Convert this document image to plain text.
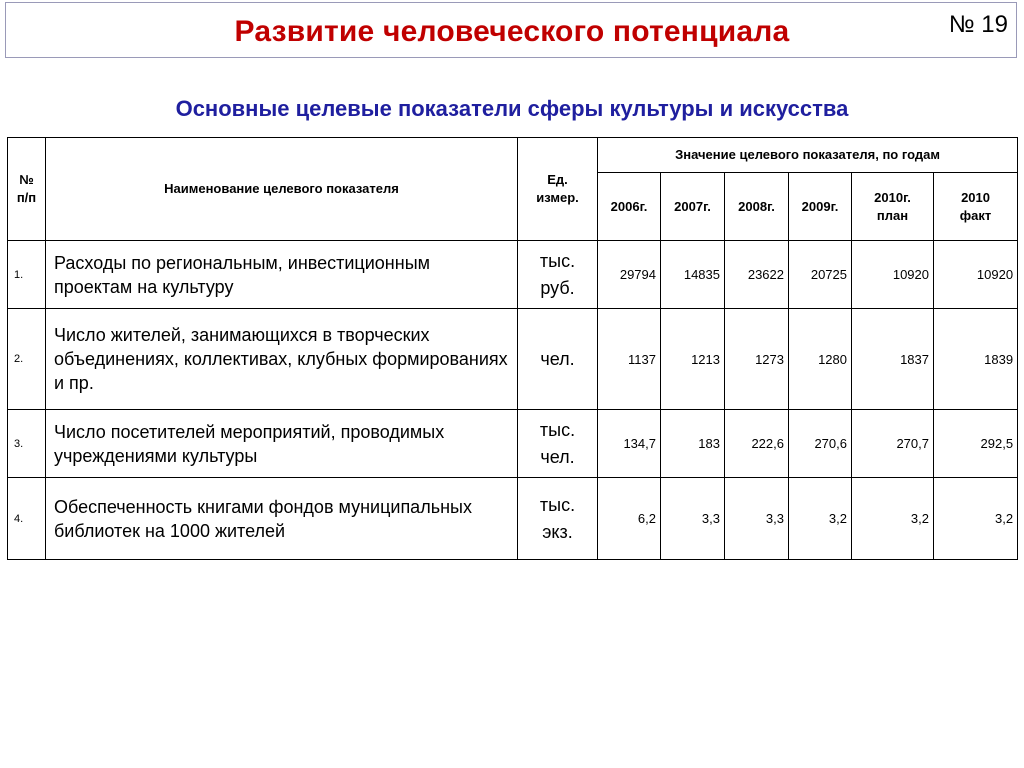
Развитие человеческого потенциала	№ 19
Основные целевые показатели сферы культуры и искусства
№ п/п	Наименование целевого показателя	Ед. измер.	Значение целевого показателя, по годам					
			2006г.	2007г.	2008г.	2009г.	2010г. план	2010 факт
1.	Расходы по региональным, инвестиционным проектам на культуру	тыс. руб.	29794	14835	23622	20725	10920	10920
2.	Число жителей, занимающихся в творческих объединениях, коллективах, клубных формированиях и пр.	чел.	1137	1213	1273	1280	1837	1839
3.	Число посетителей мероприятий, проводимых учреждениями культуры	тыс. чел.	134,7	183	222,6	270,6	270,7	292,5
4.	Обеспеченность книгами фондов муниципальных библиотек на 1000 жителей	тыс. экз.	6,2	3,3	3,3	3,2	3,2	3,2
